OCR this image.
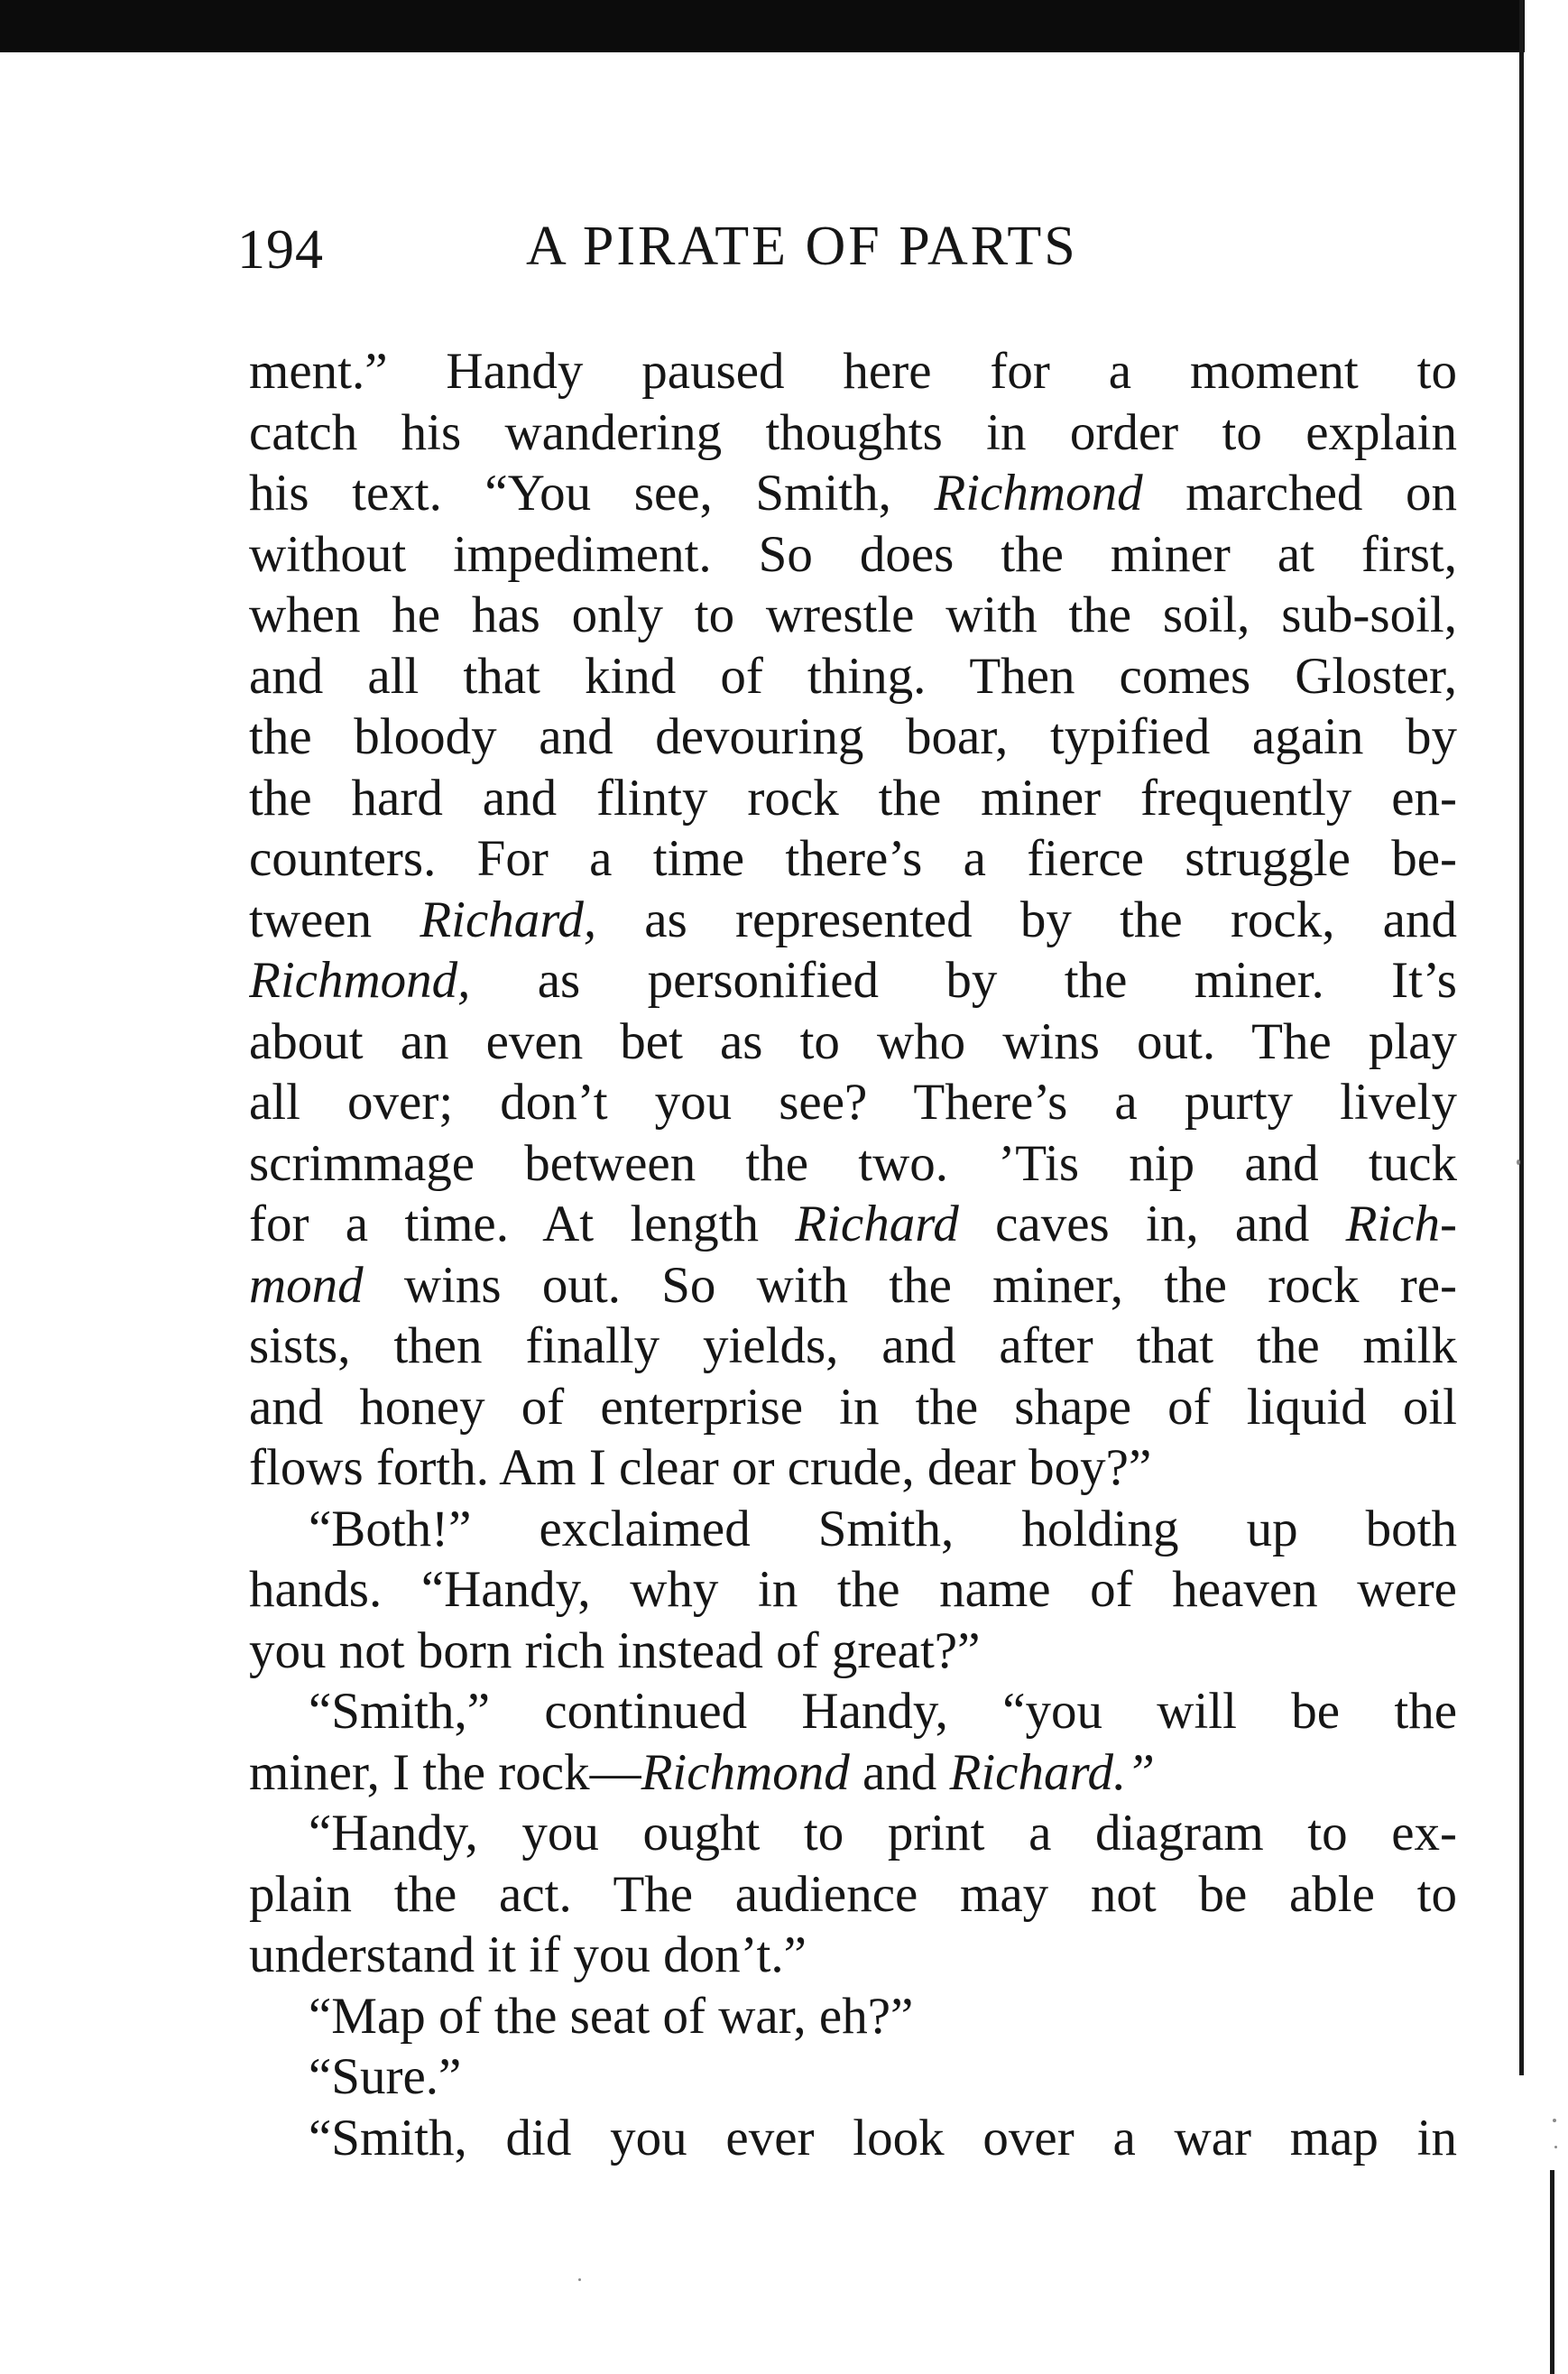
194	A PIRATE OF PARTS
ment.” Handy paused here for a moment to
catch his wandering thoughts in order to explain
his text. “You see, Smith, Richmond marched on
without impediment. So does the miner at first,
when he has only to wrestle with the soil, sub-soil,
and all that kind of thing. Then comes Gloster,
the bloody and devouring boar, typified again by
the hard and flinty rock the miner frequently en-
counters. For a time there’s a fierce struggle be-
tween Richard, as represented by the rock, and
Richmond, as personified by the miner. It’s
about an even bet as to who wins out. The play
all over; don’t you see? There’s a purty lively
scrimmage between the two. ’Tis nip and tuck
for a time. At length Richard caves in, and Rich-
mond wins out. So with the miner, the rock re-
sists, then finally yields, and after that the milk
and honey of enterprise in the shape of liquid oil
flows forth. Am I clear or crude, dear boy?”
“Both!” exclaimed Smith, holding up both
hands. “Handy, why in the name of heaven were
you not born rich instead of great?”
“Smith,” continued Handy, “you will be the
miner, I the rock—Richmond and Richard.”
“Handy, you ought to print a diagram to ex-
plain the act. The audience may not be able to
understand it if you don’t.”
“Map of the seat of war, eh?”
“Sure.”
“Smith, did you ever look over a war map in
